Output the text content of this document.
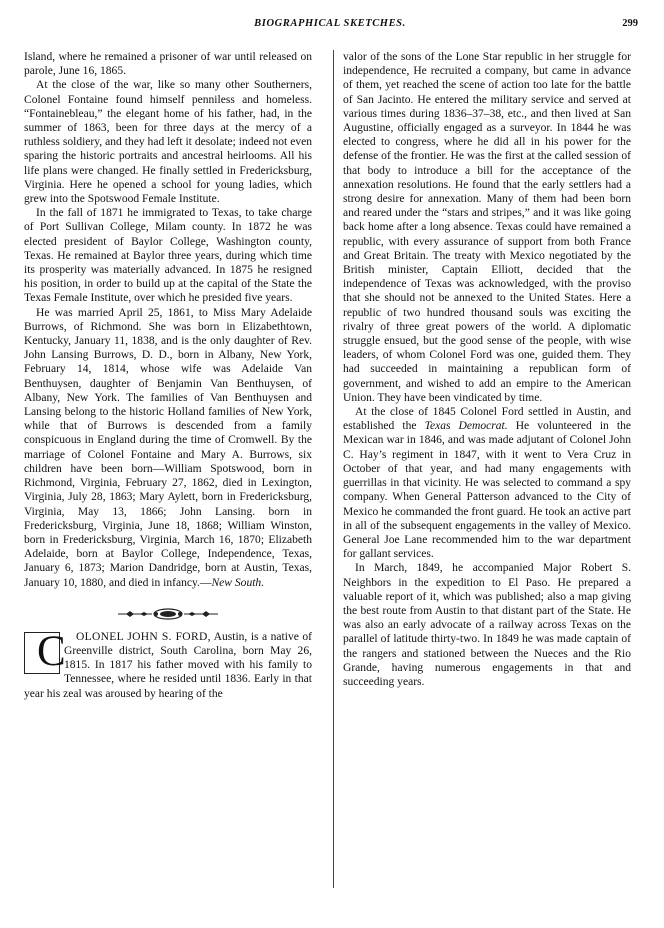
BIOGRAPHICAL SKETCHES.	299

Island, where he remained a prisoner of war until released on parole, June 16, 1865.

At the close of the war, like so many other Southerners, Colonel Fontaine found himself penniless and homeless. “Fontainebleau,” the elegant home of his father, had, in the summer of 1863, been for three days at the mercy of a ruthless soldiery, and they had left it desolate; indeed not even sparing the historic portraits and ancestral heirlooms. All his life plans were changed. He finally settled in Fredericksburg, Virginia. Here he opened a school for young ladies, which grew into the Spotswood Female Institute.

In the fall of 1871 he immigrated to Texas, to take charge of Port Sullivan College, Milam county. In 1872 he was elected president of Baylor College, Washington county, Texas. He remained at Baylor three years, during which time its prosperity was materially advanced. In 1875 he resigned his position, in order to build up at the capital of the State the Texas Female Institute, over which he presided five years.

He was married April 25, 1861, to Miss Mary Adelaide Burrows, of Richmond. She was born in Elizabethtown, Kentucky, January 11, 1838, and is the only daughter of Rev. John Lansing Burrows, D. D., born in Albany, New York, February 14, 1814, whose wife was Adelaide Van Benthuysen, daughter of Benjamin Van Benthuysen, of Albany, New York. The families of Van Benthuysen and Lansing belong to the historic Holland families of New York, while that of Burrows is descended from a family conspicuous in England during the time of Cromwell. By the marriage of Colonel Fontaine and Mary A. Burrows, six children have been born—William Spotswood, born in Richmond, Virginia, February 27, 1862, died in Lexington, Virginia, July 28, 1863; Mary Aylett, born in Fredericksburg, Virginia, May 13, 1866; John Lansing. born in Fredericksburg, Virginia, June 18, 1868; William Winston, born in Fredericksburg, Virginia, March 16, 1870; Elizabeth Adelaide, born at Baylor College, Independence, Texas, January 6, 1873; Marion Dandridge, born at Austin, Texas, January 10, 1880, and died in infancy.—New South.

C OLONEL JOHN S. FORD, Austin, is a native of Greenville district, South Carolina, born May 26, 1815. In 1817 his father moved with his family to Tennessee, where he resided until 1836. Early in that year his zeal was aroused by hearing of the

valor of the sons of the Lone Star republic in her struggle for independence, He recruited a company, but came in advance of them, yet reached the scene of action too late for the battle of San Jacinto. He entered the military service and served at various times during 1836–37–38, etc., and then lived at San Augustine, officially engaged as a surveyor. In 1844 he was elected to congress, where he did all in his power for the defense of the frontier. He was the first at the called session of that body to introduce a bill for the acceptance of the annexation resolutions. He found that the early settlers had a strong desire for annexation. Many of them had been born and reared under the “stars and stripes,” and it was like going back home after a long absence. Texas could have remained a republic, with every assurance of support from both France and Great Britain. The treaty with Mexico negotiated by the British minister, Captain Elliott, decided that the independence of Texas was acknowledged, with the proviso that she should not be annexed to the United States. Here a republic of two hundred thousand souls was exciting the rivalry of three great powers of the world. A diplomatic struggle ensued, but the good sense of the people, with wise leaders, of whom Colonel Ford was one, guided them. They had succeeded in maintaining a republican form of government, and wished to add an empire to the American Union. They have been vindicated by time.

At the close of 1845 Colonel Ford settled in Austin, and established the Texas Democrat. He volunteered in the Mexican war in 1846, and was made adjutant of Colonel John C. Hay’s regiment in 1847, with it went to Vera Cruz in October of that year, and had many engagements with guerrillas in that vicinity. He was selected to command a spy company. When General Patterson advanced to the City of Mexico he commanded the front guard. He took an active part in all of the subsequent engagements in the valley of Mexico. General Joe Lane recommended him to the war department for gallant services.

In March, 1849, he accompanied Major Robert S. Neighbors in the expedition to El Paso. He prepared a valuable report of it, which was published; also a map giving the best route from Austin to that distant part of the State. He was also an early advocate of a railway across Texas on the parallel of latitude thirty-two. In 1849 he was made captain of the rangers and stationed between the Nueces and the Rio Grande, having numerous engagements in that and succeeding years.
